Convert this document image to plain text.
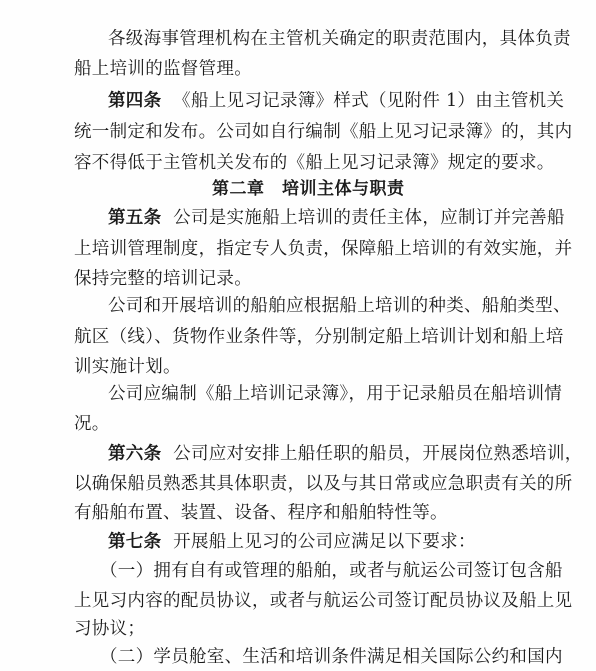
各级海事管理机构在主管机关确定的职责范围内，具体负责
船上培训的监督管理。
第四条 《船上见习记录簿》样式（见附件 1）由主管机关
统一制定和发布。公司如自行编制《船上见习记录簿》的，其内
容不得低于主管机关发布的《船上见习记录簿》规定的要求。
第二章　培训主体与职责
第五条 公司是实施船上培训的责任主体，应制订并完善船
上培训管理制度，指定专人负责，保障船上培训的有效实施，并
保持完整的培训记录。
公司和开展培训的船舶应根据船上培训的种类、船舶类型、
航区（线）、货物作业条件等，分别制定船上培训计划和船上培
训实施计划。
公司应编制《船上培训记录簿》，用于记录船员在船培训情
况。
第六条 公司应对安排上船任职的船员，开展岗位熟悉培训，
以确保船员熟悉其具体职责，以及与其日常或应急职责有关的所
有船舶布置、装置、设备、程序和船舶特性等。
第七条 开展船上见习的公司应满足以下要求：
（一）拥有自有或管理的船舶，或者与航运公司签订包含船
上见习内容的配员协议，或者与航运公司签订配员协议及船上见
习协议；
（二）学员舱室、生活和培训条件满足相关国际公约和国内
